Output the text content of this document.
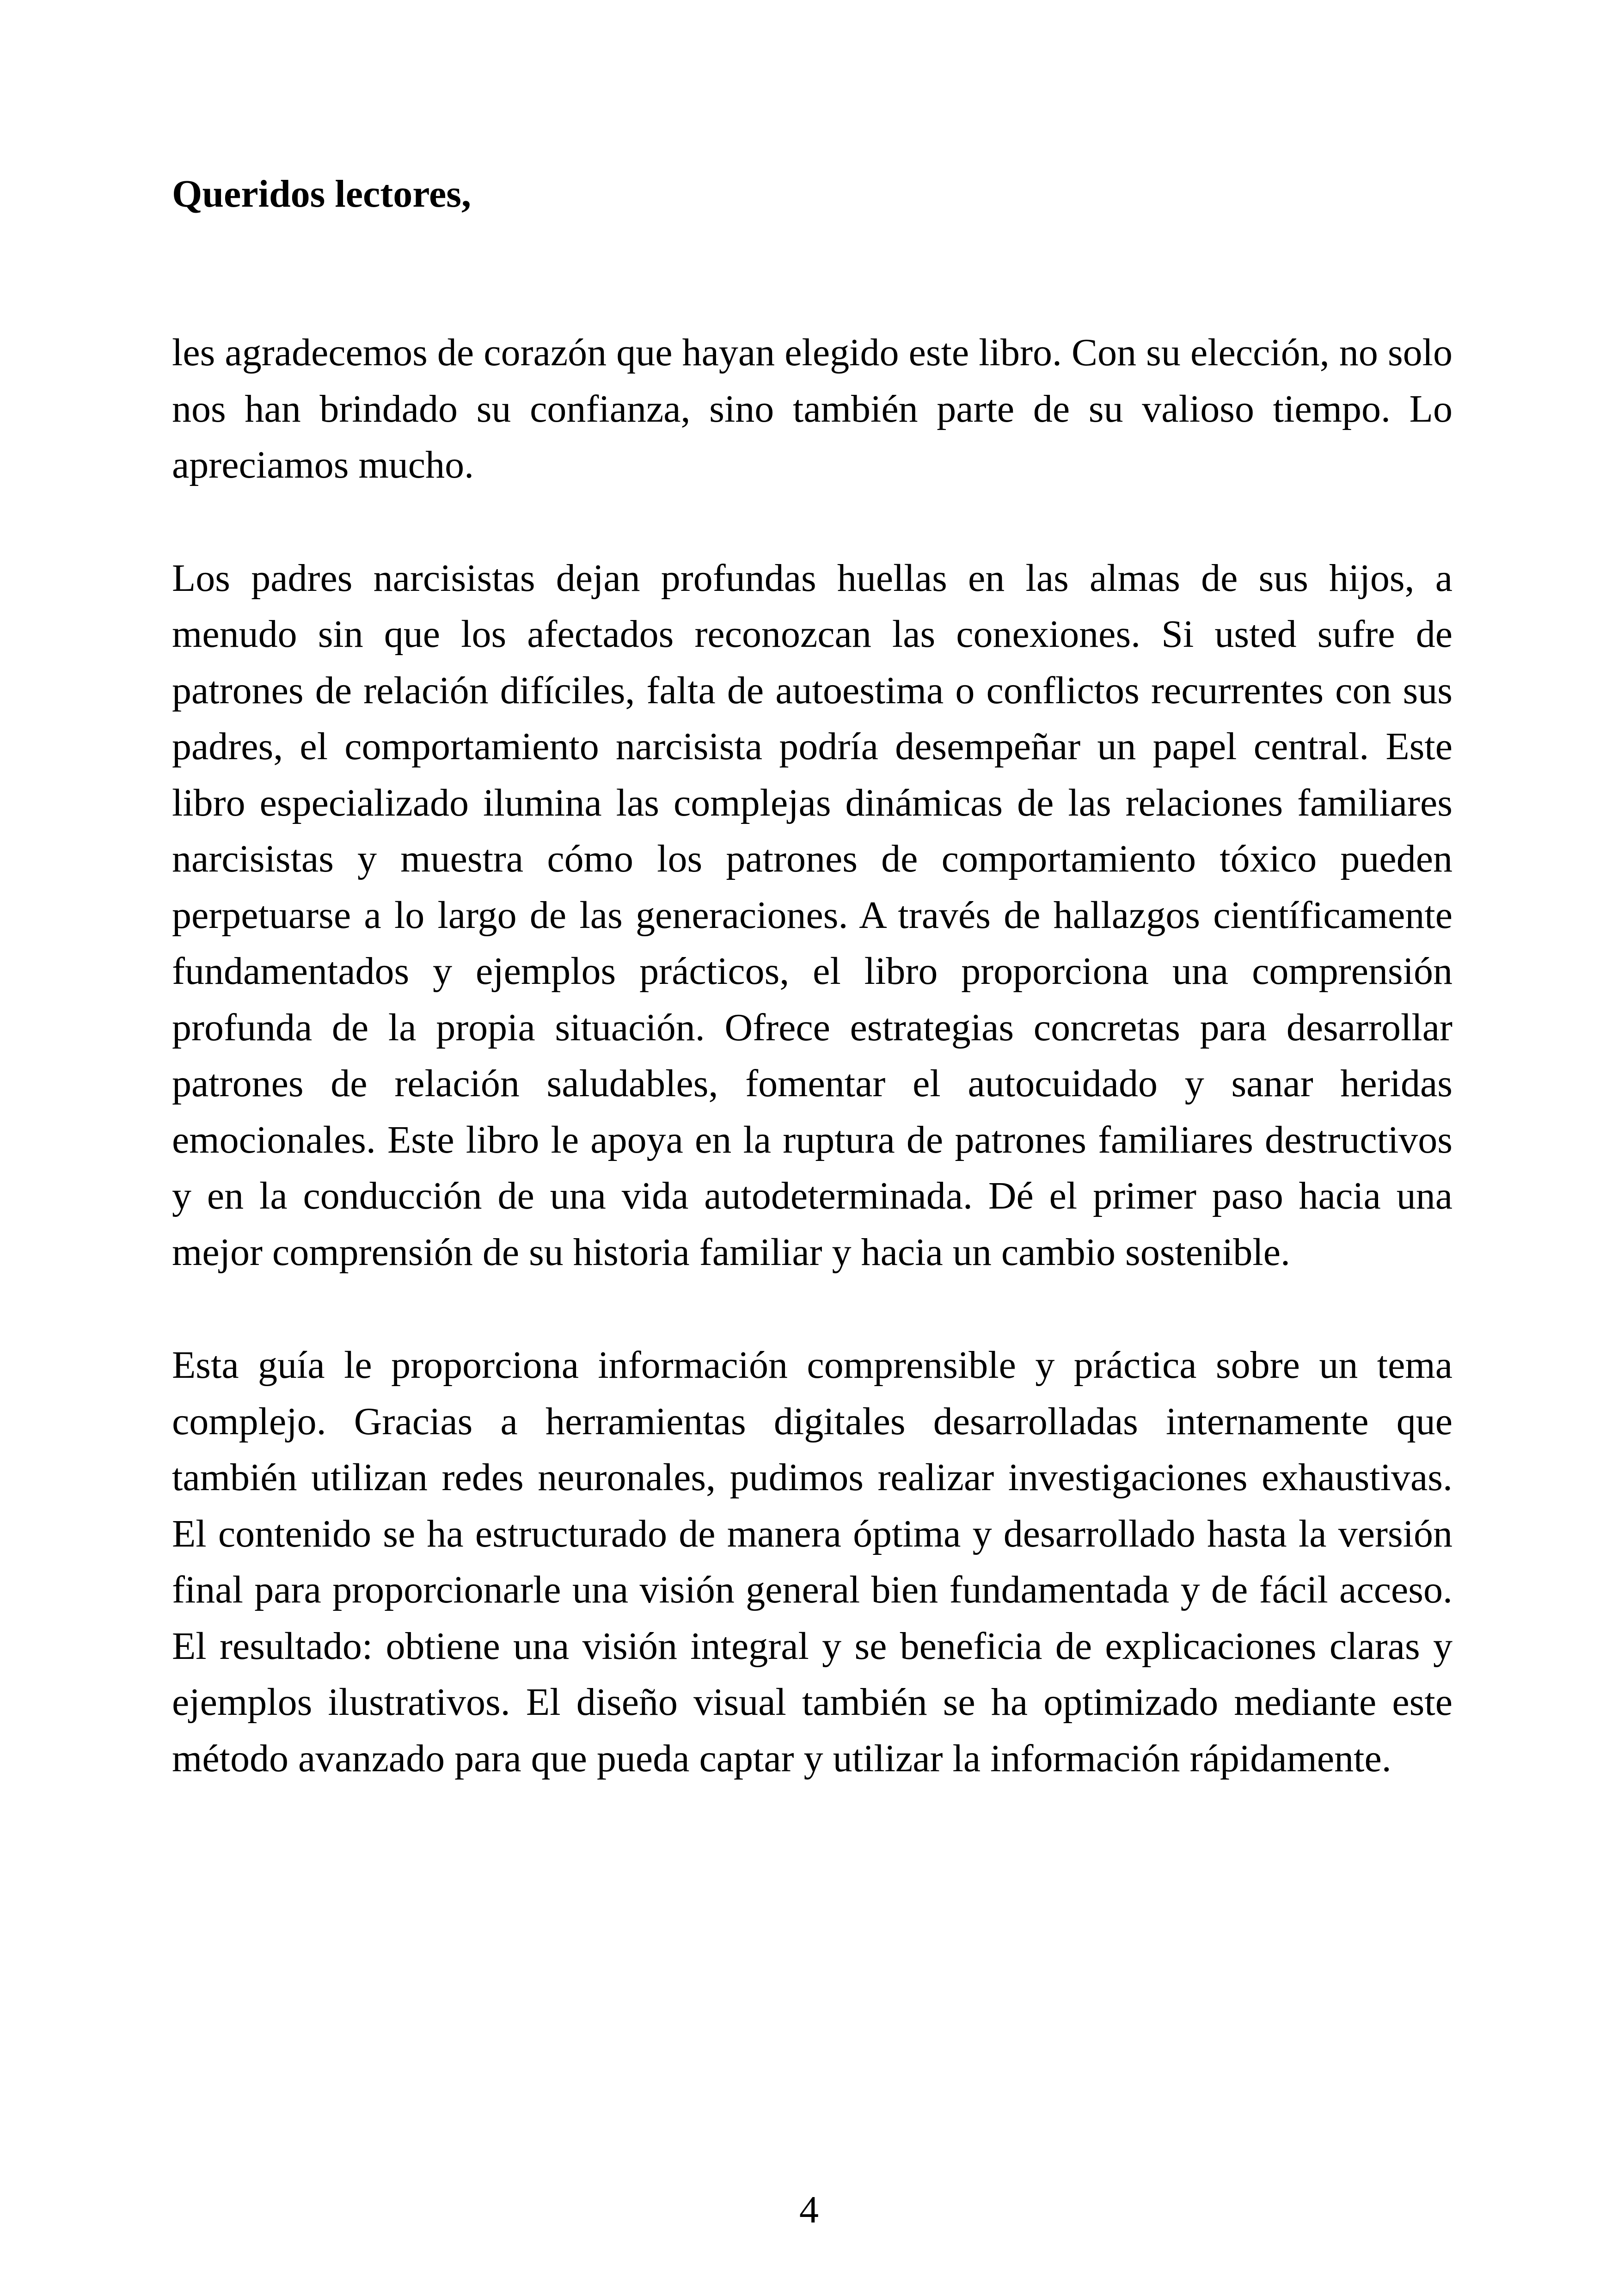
Queridos lectores,

les agradecemos de corazón que hayan elegido este libro. Con su elección, no solo nos han brindado su confianza, sino también parte de su valioso tiempo. Lo apreciamos mucho.

Los padres narcisistas dejan profundas huellas en las almas de sus hijos, a menudo sin que los afectados reconozcan las conexiones. Si usted sufre de patrones de relación difíciles, falta de autoestima o conflictos recurrentes con sus padres, el comportamiento narcisista podría desempeñar un papel central. Este libro especializado ilumina las complejas dinámicas de las relaciones familiares narcisistas y muestra cómo los patrones de comportamiento tóxico pueden perpetuarse a lo largo de las generaciones. A través de hallazgos científicamente fundamentados y ejemplos prácticos, el libro proporciona una comprensión profunda de la propia situación. Ofrece estrategias concretas para desarrollar patrones de relación saludables, fomentar el autocuidado y sanar heridas emocionales. Este libro le apoya en la ruptura de patrones familiares destructivos y en la conducción de una vida autodeterminada. Dé el primer paso hacia una mejor comprensión de su historia familiar y hacia un cambio sostenible.

Esta guía le proporciona información comprensible y práctica sobre un tema complejo. Gracias a herramientas digitales desarrolladas internamente que también utilizan redes neuronales, pudimos realizar investigaciones exhaustivas. El contenido se ha estructurado de manera óptima y desarrollado hasta la versión final para proporcionarle una visión general bien fundamentada y de fácil acceso. El resultado: obtiene una visión integral y se beneficia de explicaciones claras y ejemplos ilustrativos. El diseño visual también se ha optimizado mediante este método avanzado para que pueda captar y utilizar la información rápidamente.

4
